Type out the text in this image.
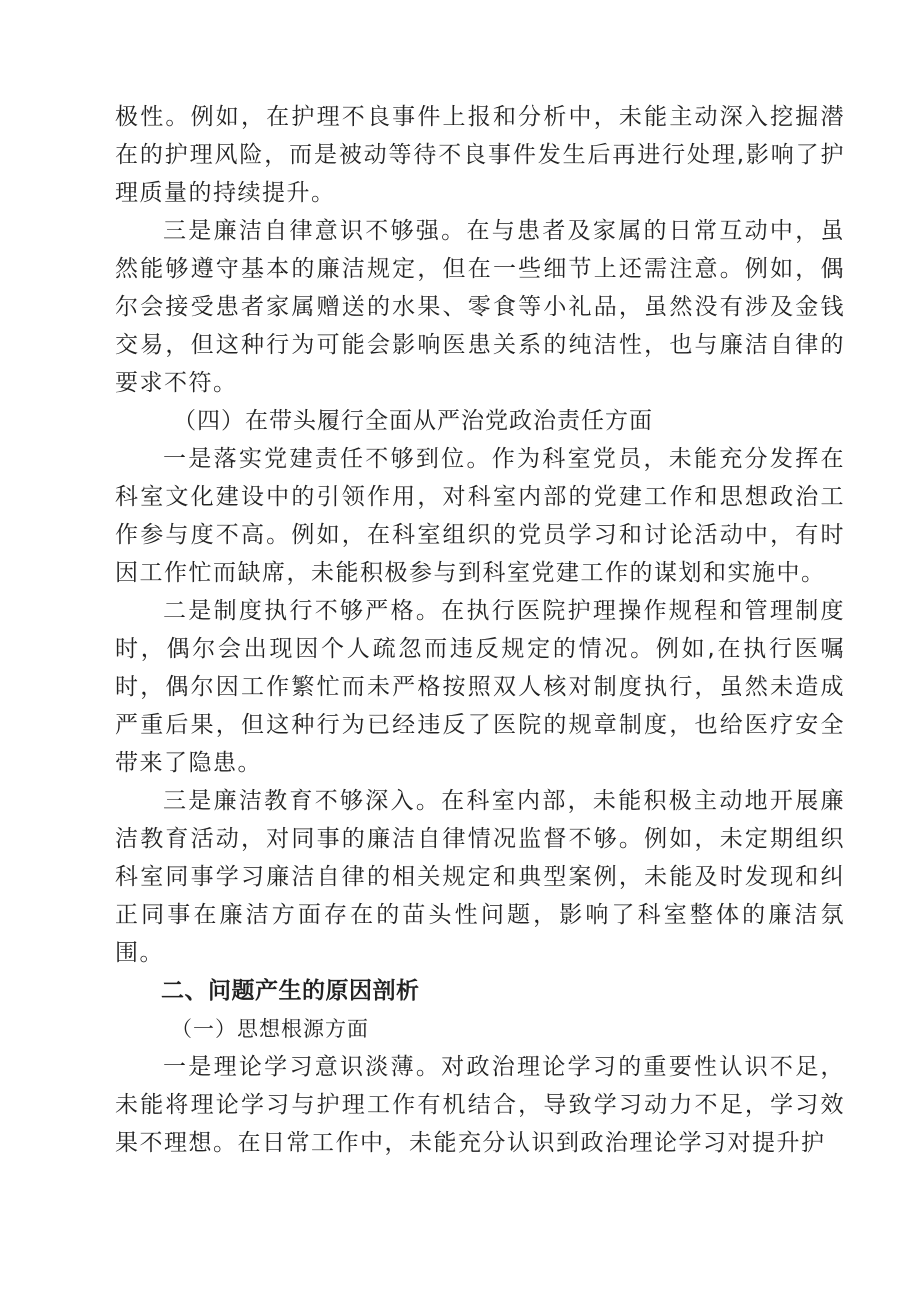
极性。例如，在护理不良事件上报和分析中，未能主动深入挖掘潜在的护理风险，而是被动等待不良事件发生后再进行处理,影响了护理质量的持续提升。

三是廉洁自律意识不够强。在与患者及家属的日常互动中，虽然能够遵守基本的廉洁规定，但在一些细节上还需注意。例如，偶尔会接受患者家属赠送的水果、零食等小礼品，虽然没有涉及金钱交易，但这种行为可能会影响医患关系的纯洁性，也与廉洁自律的要求不符。

（四）在带头履行全面从严治党政治责任方面

一是落实党建责任不够到位。作为科室党员，未能充分发挥在科室文化建设中的引领作用，对科室内部的党建工作和思想政治工作参与度不高。例如，在科室组织的党员学习和讨论活动中，有时因工作忙而缺席，未能积极参与到科室党建工作的谋划和实施中。

二是制度执行不够严格。在执行医院护理操作规程和管理制度时，偶尔会出现因个人疏忽而违反规定的情况。例如,在执行医嘱时，偶尔因工作繁忙而未严格按照双人核对制度执行，虽然未造成严重后果，但这种行为已经违反了医院的规章制度，也给医疗安全带来了隐患。

三是廉洁教育不够深入。在科室内部，未能积极主动地开展廉洁教育活动，对同事的廉洁自律情况监督不够。例如，未定期组织科室同事学习廉洁自律的相关规定和典型案例，未能及时发现和纠正同事在廉洁方面存在的苗头性问题，影响了科室整体的廉洁氛围。

二、问题产生的原因剖析

（一）思想根源方面

一是理论学习意识淡薄。对政治理论学习的重要性认识不足，未能将理论学习与护理工作有机结合，导致学习动力不足，学习效果不理想。在日常工作中，未能充分认识到政治理论学习对提升护
